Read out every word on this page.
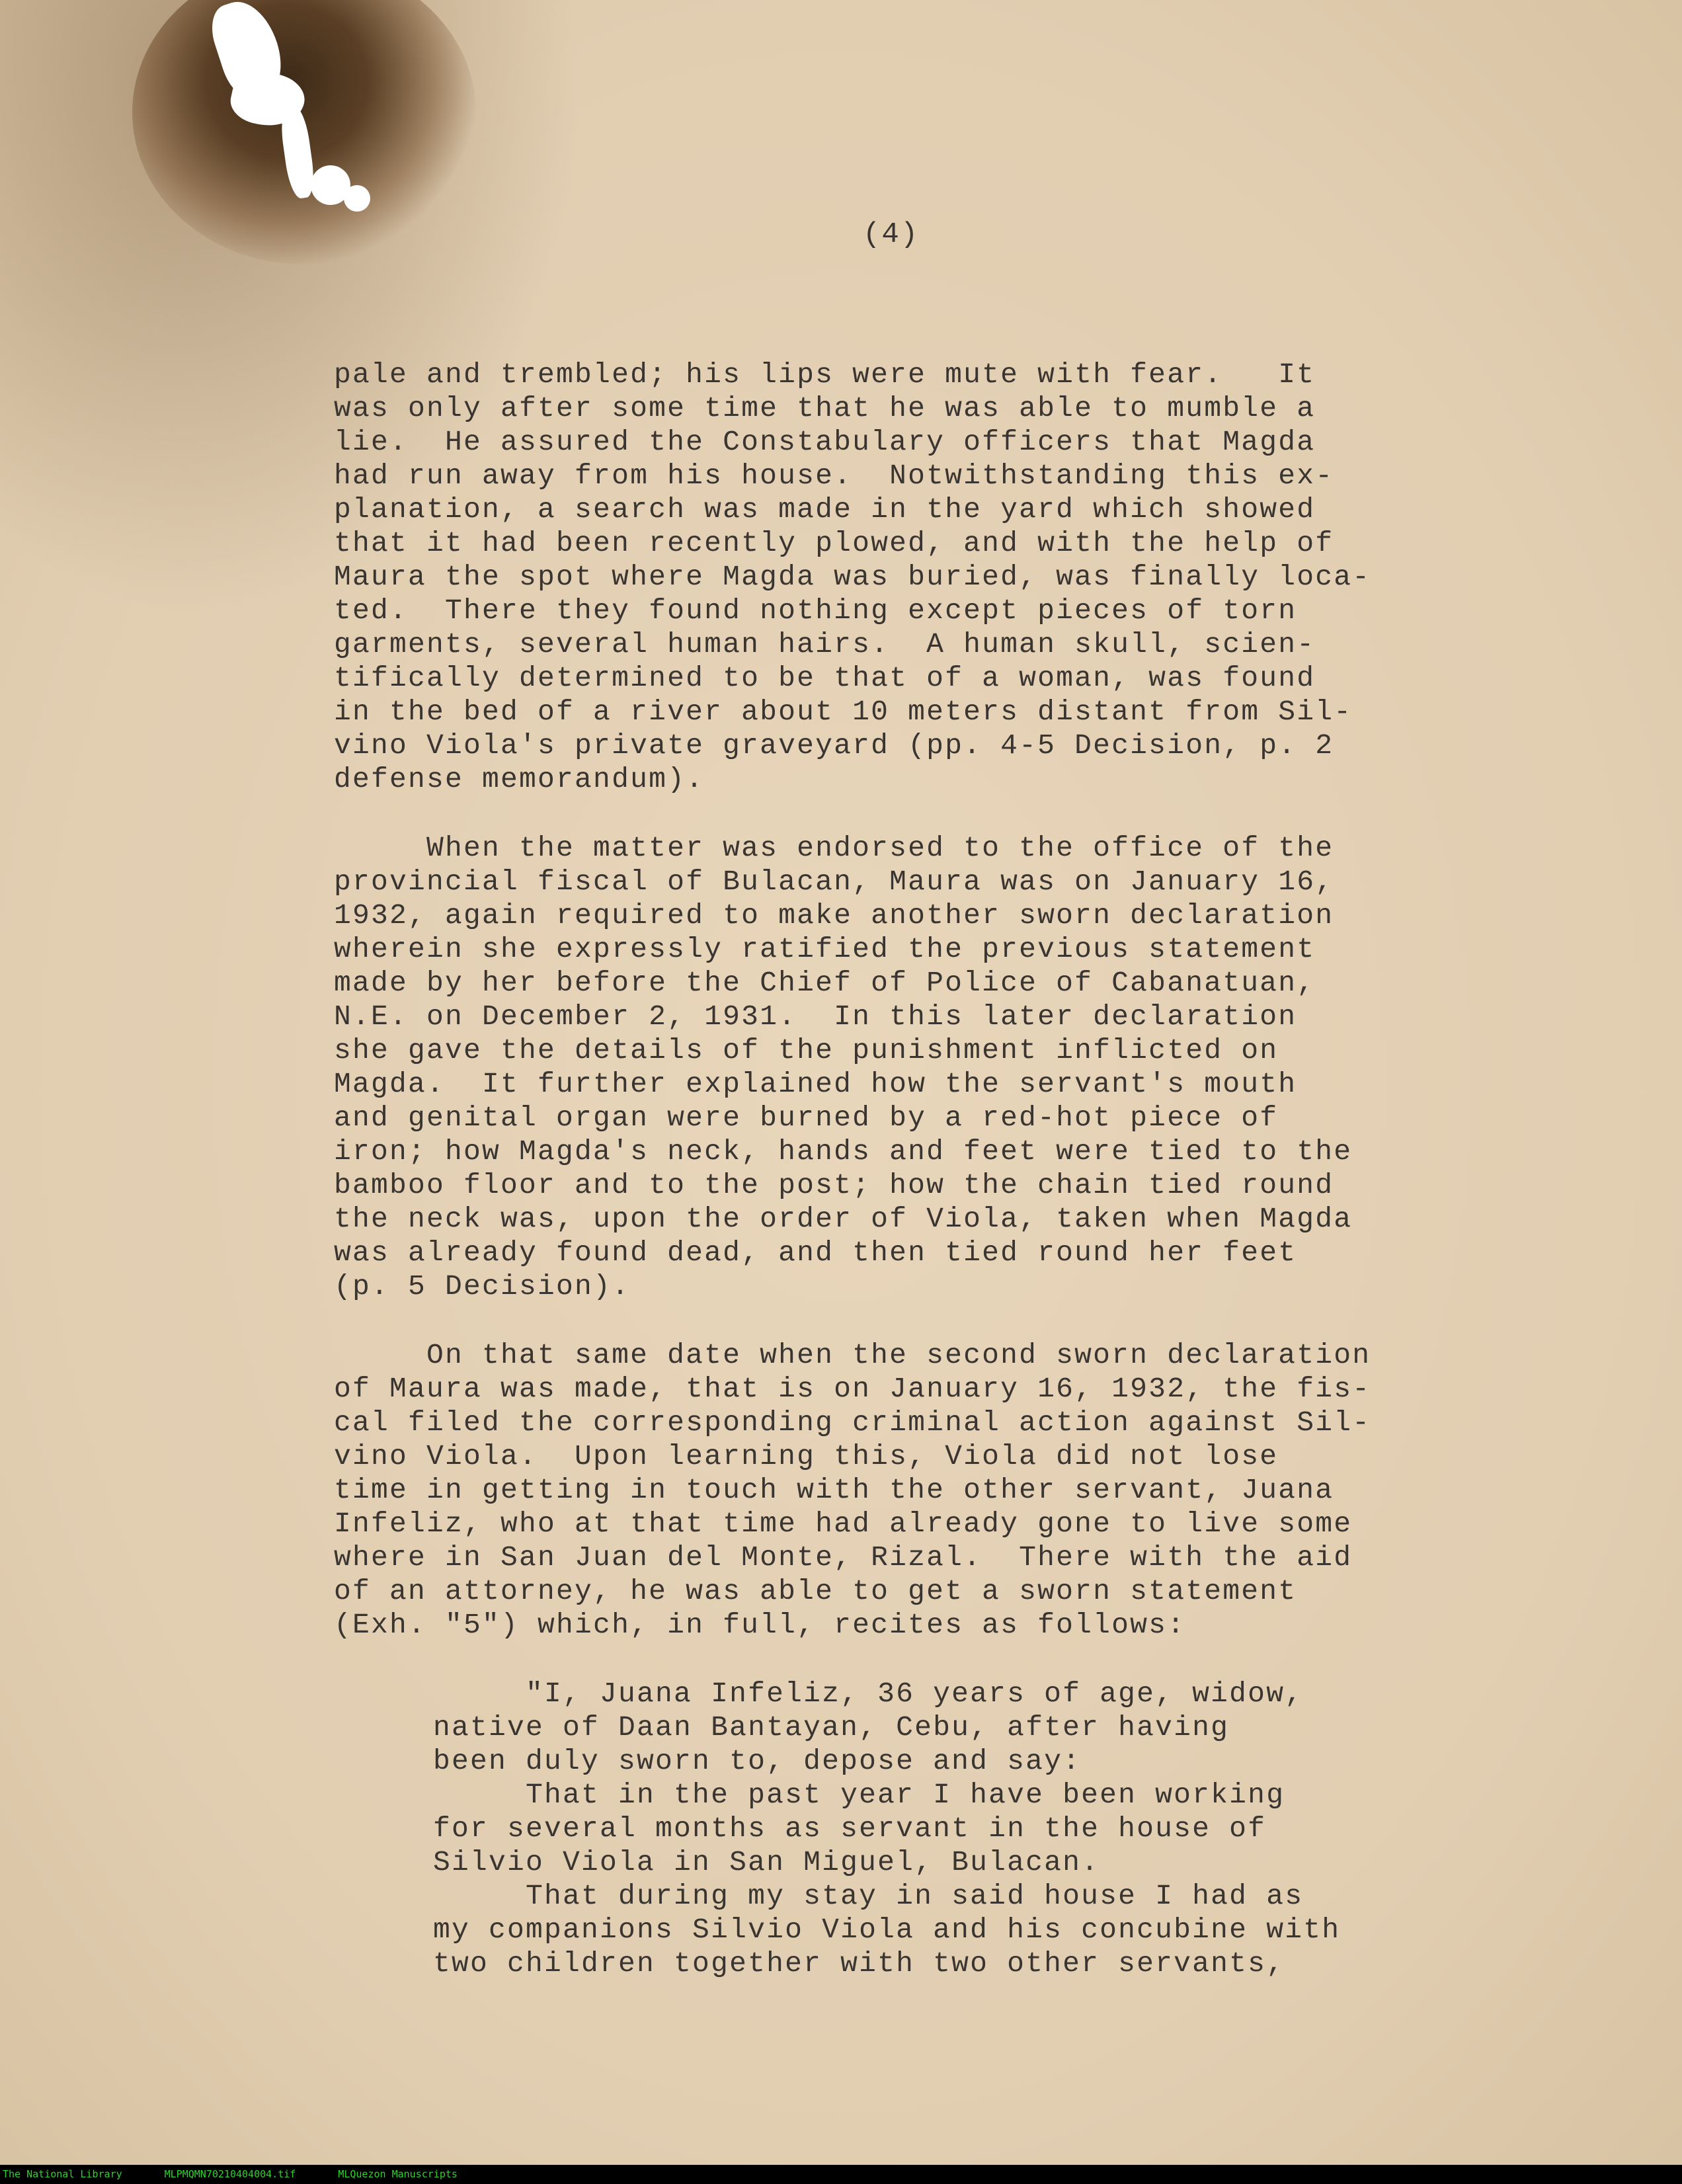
(4)
pale and trembled; his lips were mute with fear.   It
was only after some time that he was able to mumble a
lie.  He assured the Constabulary officers that Magda
had run away from his house.  Notwithstanding this ex-
planation, a search was made in the yard which showed
that it had been recently plowed, and with the help of
Maura the spot where Magda was buried, was finally loca-
ted.  There they found nothing except pieces of torn
garments, several human hairs.  A human skull, scien-
tifically determined to be that of a woman, was found
in the bed of a river about 10 meters distant from Sil-
vino Viola's private graveyard (pp. 4-5 Decision, p. 2
defense memorandum).
When the matter was endorsed to the office of the
provincial fiscal of Bulacan, Maura was on January 16,
1932, again required to make another sworn declaration
wherein she expressly ratified the previous statement
made by her before the Chief of Police of Cabanatuan,
N.E. on December 2, 1931.  In this later declaration
she gave the details of the punishment inflicted on
Magda.  It further explained how the servant's mouth
and genital organ were burned by a red-hot piece of
iron; how Magda's neck, hands and feet were tied to the
bamboo floor and to the post; how the chain tied round
the neck was, upon the order of Viola, taken when Magda
was already found dead, and then tied round her feet
(p. 5 Decision).
On that same date when the second sworn declaration
of Maura was made, that is on January 16, 1932, the fis-
cal filed the corresponding criminal action against Sil-
vino Viola.  Upon learning this, Viola did not lose
time in getting in touch with the other servant, Juana
Infeliz, who at that time had already gone to live some
where in San Juan del Monte, Rizal.  There with the aid
of an attorney, he was able to get a sworn statement
(Exh. "5") which, in full, recites as follows:
"I, Juana Infeliz, 36 years of age, widow,
native of Daan Bantayan, Cebu, after having
been duly sworn to, depose and say:
That in the past year I have been working
for several months as servant in the house of
Silvio Viola in San Miguel, Bulacan.
That during my stay in said house I had as
my companions Silvio Viola and his concubine with
two children together with two other servants,
The National Library	MLPMQMN70210404004.tif	MLQuezon Manuscripts
